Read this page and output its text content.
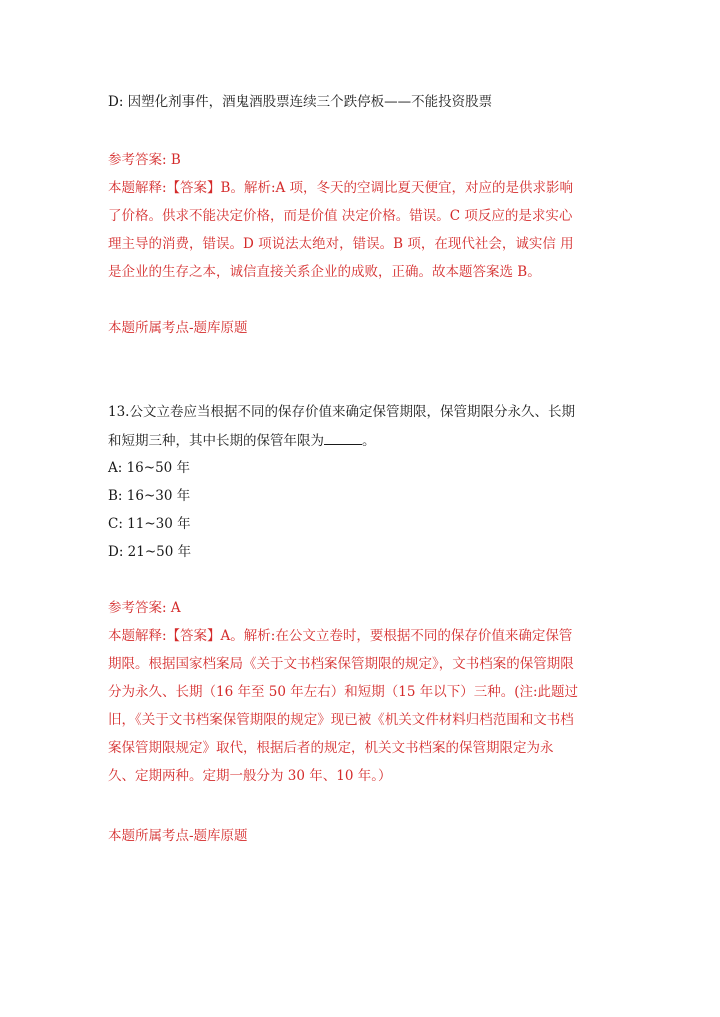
D: 因塑化剂事件，酒鬼酒股票连续三个跌停板——不能投资股票
参考答案: B
本题解释:【答案】B。解析:A 项，冬天的空调比夏天便宜，对应的是供求影响
了价格。供求不能决定价格，而是价值 决定价格。错误。C 项反应的是求实心
理主导的消费，错误。D 项说法太绝对，错误。B 项，在现代社会，诚实信 用
是企业的生存之本，诚信直接关系企业的成败，正确。故本题答案选 B。
本题所属考点-题库原题
13.公文立卷应当根据不同的保存价值来确定保管期限，保管期限分永久、长期
和短期三种，其中长期的保管年限为	。
A: 16~50 年
B: 16~30 年
C: 11~30 年
D: 21~50 年
参考答案: A
本题解释:【答案】A。解析:在公文立卷时，要根据不同的保存价值来确定保管
期限。根据国家档案局《关于文书档案保管期限的规定》，文书档案的保管期限
分为永久、长期（16 年至 50 年左右）和短期（15 年以下）三种。(注:此题过
旧，《关于文书档案保管期限的规定》现已被《机关文件材料归档范围和文书档
案保管期限规定》取代，根据后者的规定，机关文书档案的保管期限定为永
久、定期两种。定期一般分为 30 年、10 年。）
本题所属考点-题库原题
